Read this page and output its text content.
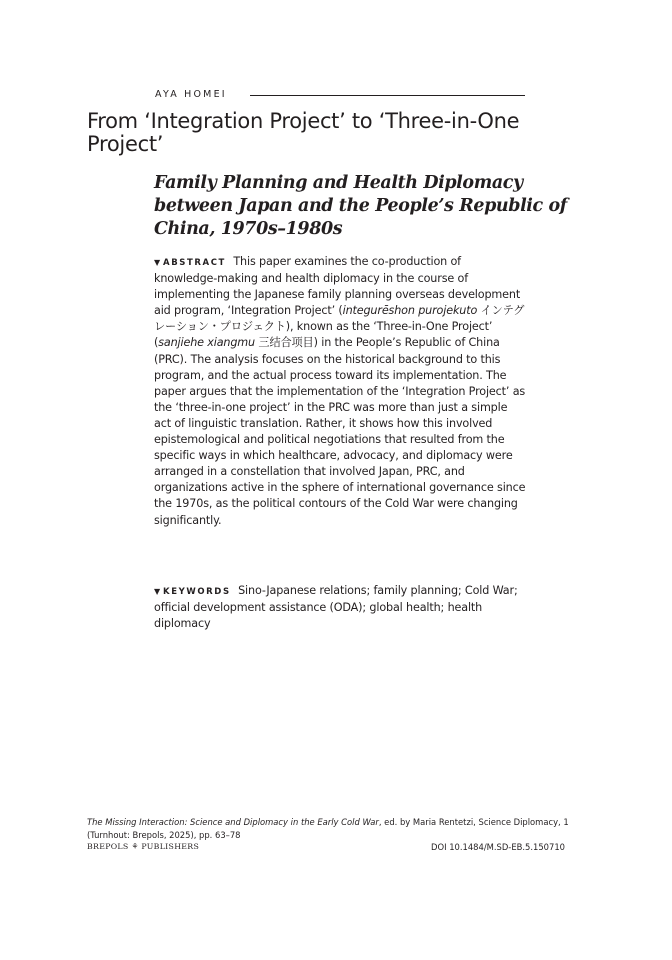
AYA HOMEI
From ‘Integration Project’ to ‘Three-in-One Project’
Family Planning and Health Diplomacy between Japan and the People’s Republic of China, 1970s–1980s
▼ ABSTRACT This paper examines the co-production of knowledge-making and health diplomacy in the course of implementing the Japanese family planning overseas development aid program, ‘Integration Project’ (integurēshon purojekuto インテグレーション・プロジェクト), known as the ‘Three-in-One Project’ (sanjiehe xiangmu 三结合项目) in the People’s Republic of China (PRC). The analysis focuses on the historical background to this program, and the actual process toward its implementation. The paper argues that the implementation of the ‘Integration Project’ as the ‘three-in-one project’ in the PRC was more than just a simple act of linguistic translation. Rather, it shows how this involved epistemological and political negotiations that resulted from the specific ways in which healthcare, advocacy, and diplomacy were arranged in a constellation that involved Japan, PRC, and organizations active in the sphere of international governance since the 1970s, as the political contours of the Cold War were changing significantly.
▼ KEYWORDS Sino-Japanese relations; family planning; Cold War; official development assistance (ODA); global health; health diplomacy
The Missing Interaction: Science and Diplomacy in the Early Cold War, ed. by Maria Rentetzi, Science Diplomacy, 1 (Turnhout: Brepols, 2025), pp. 63–78
BREPOLS ⚘ PUBLISHERS	DOI 10.1484/M.SD-EB.5.150710
